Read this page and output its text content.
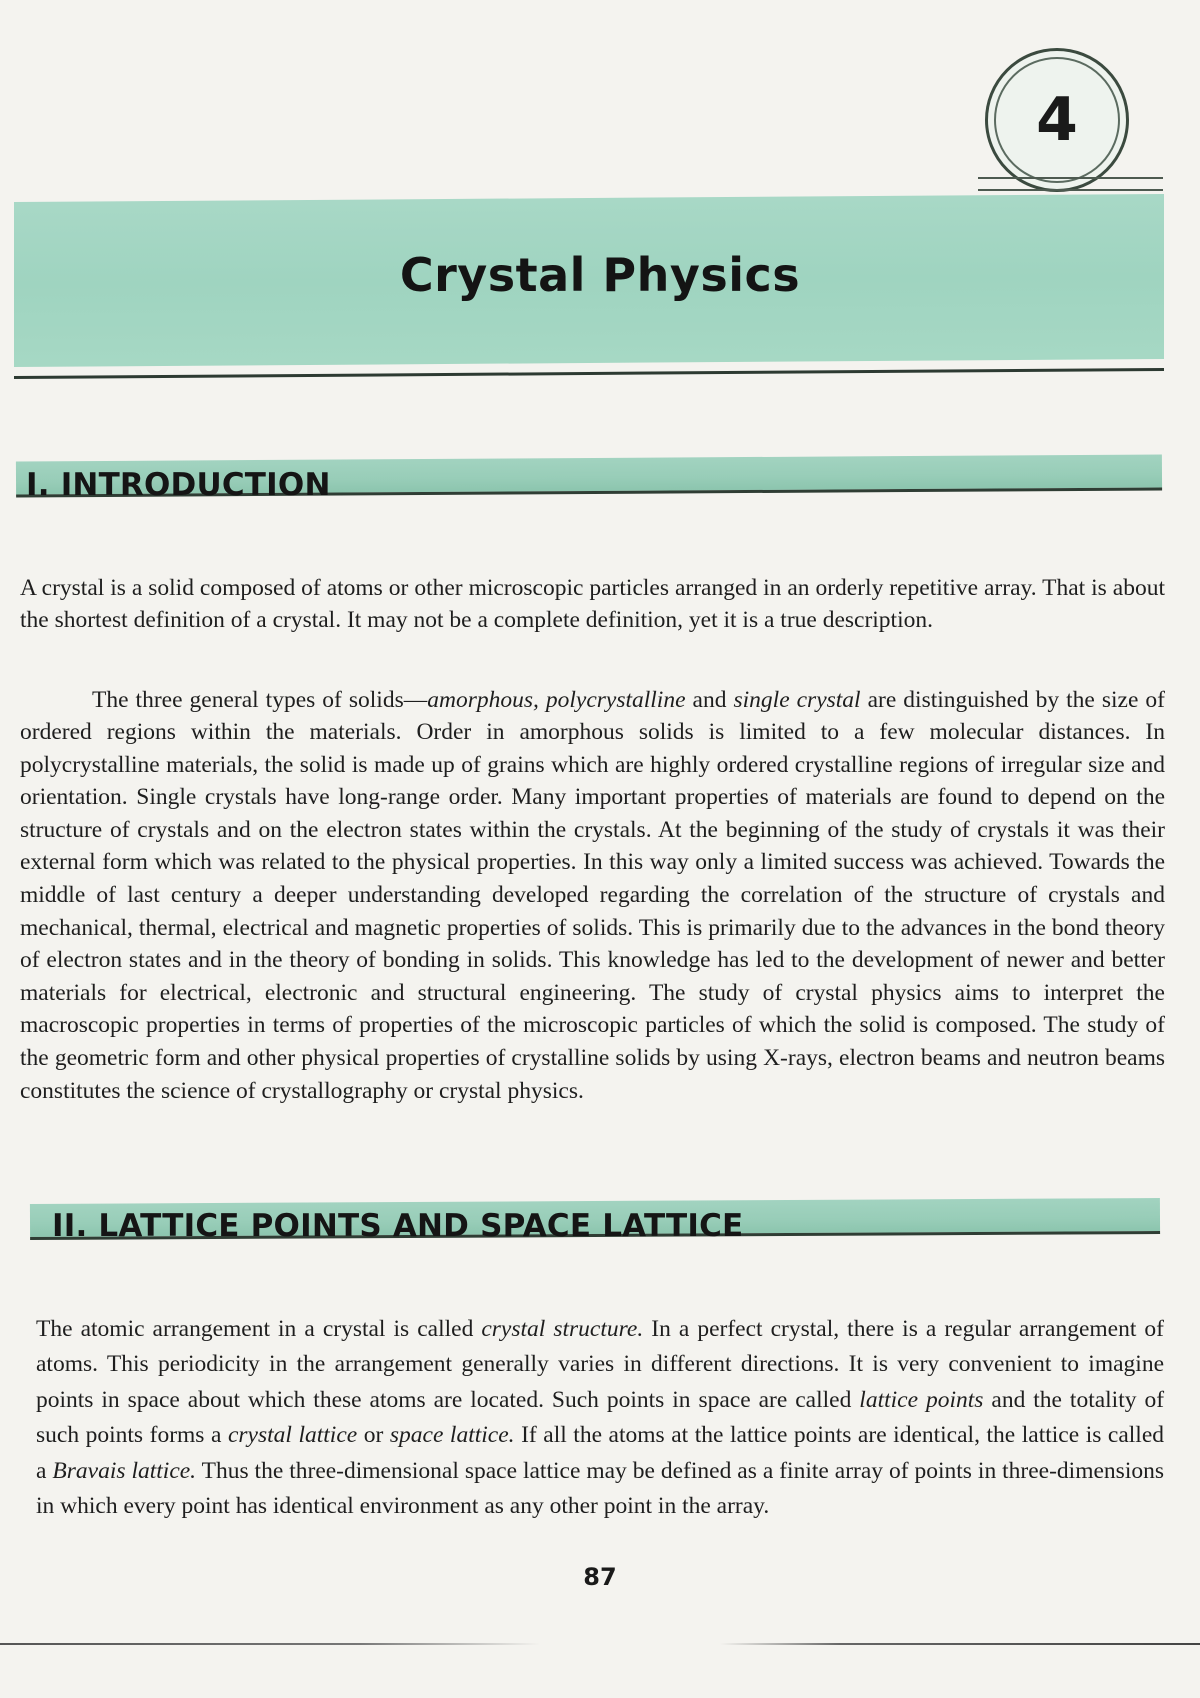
4
Crystal Physics
I. INTRODUCTION

A crystal is a solid composed of atoms or other microscopic particles arranged in an orderly repetitive array. That is about the shortest definition of a crystal. It may not be a complete definition, yet it is a true description.

The three general types of solids—amorphous, polycrystalline and single crystal are distinguished by the size of ordered regions within the materials. Order in amorphous solids is limited to a few molecular distances. In polycrystalline materials, the solid is made up of grains which are highly ordered crystalline regions of irregular size and orientation. Single crystals have long-range order. Many important properties of materials are found to depend on the structure of crystals and on the electron states within the crystals. At the beginning of the study of crystals it was their external form which was related to the physical properties. In this way only a limited success was achieved. Towards the middle of last century a deeper understanding developed regarding the correlation of the structure of crystals and mechanical, thermal, electrical and magnetic properties of solids. This is primarily due to the advances in the bond theory of electron states and in the theory of bonding in solids. This knowledge has led to the development of newer and better materials for electrical, electronic and structural engineering. The study of crystal physics aims to interpret the macroscopic properties in terms of properties of the microscopic particles of which the solid is composed. The study of the geometric form and other physical properties of crystalline solids by using X-rays, electron beams and neutron beams constitutes the science of crystallography or crystal physics.

II. LATTICE POINTS AND SPACE LATTICE

The atomic arrangement in a crystal is called crystal structure. In a perfect crystal, there is a regular arrangement of atoms. This periodicity in the arrangement generally varies in different directions. It is very convenient to imagine points in space about which these atoms are located. Such points in space are called lattice points and the totality of such points forms a crystal lattice or space lattice. If all the atoms at the lattice points are identical, the lattice is called a Bravais lattice. Thus the three-dimensional space lattice may be defined as a finite array of points in three-dimensions in which every point has identical environment as any other point in the array.

87
